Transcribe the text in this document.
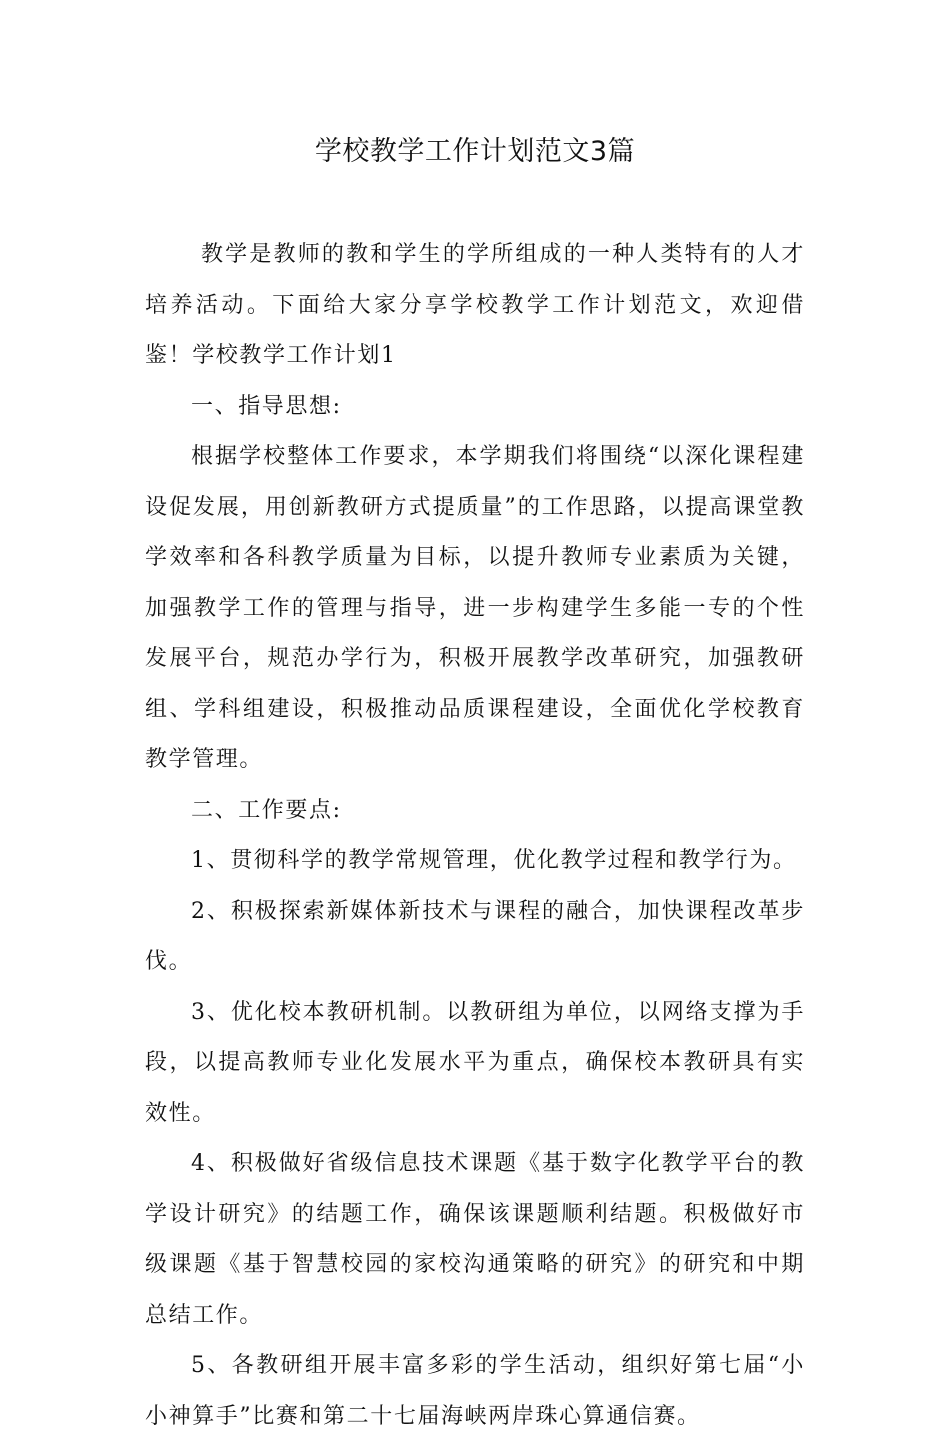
学校教学工作计划范文3篇

教学是教师的教和学生的学所组成的一种人类特有的人才培养活动。下面给大家分享学校教学工作计划范文，欢迎借鉴！学校教学工作计划1

一、指导思想:

根据学校整体工作要求，本学期我们将围绕“以深化课程建设促发展，用创新教研方式提质量”的工作思路，以提高课堂教学效率和各科教学质量为目标，以提升教师专业素质为关键，加强教学工作的管理与指导，进一步构建学生多能一专的个性发展平台，规范办学行为，积极开展教学改革研究，加强教研组、学科组建设，积极推动品质课程建设，全面优化学校教育教学管理。

二、工作要点:

1、贯彻科学的教学常规管理，优化教学过程和教学行为。

2、积极探索新媒体新技术与课程的融合，加快课程改革步伐。

3、优化校本教研机制。以教研组为单位，以网络支撑为手段，以提高教师专业化发展水平为重点，确保校本教研具有实效性。

4、积极做好省级信息技术课题《基于数字化教学平台的教学设计研究》的结题工作，确保该课题顺利结题。积极做好市级课题《基于智慧校园的家校沟通策略的研究》的研究和中期总结工作。

5、各教研组开展丰富多彩的学生活动，组织好第七届“小小神算手”比赛和第二十七届海峡两岸珠心算通信赛。
